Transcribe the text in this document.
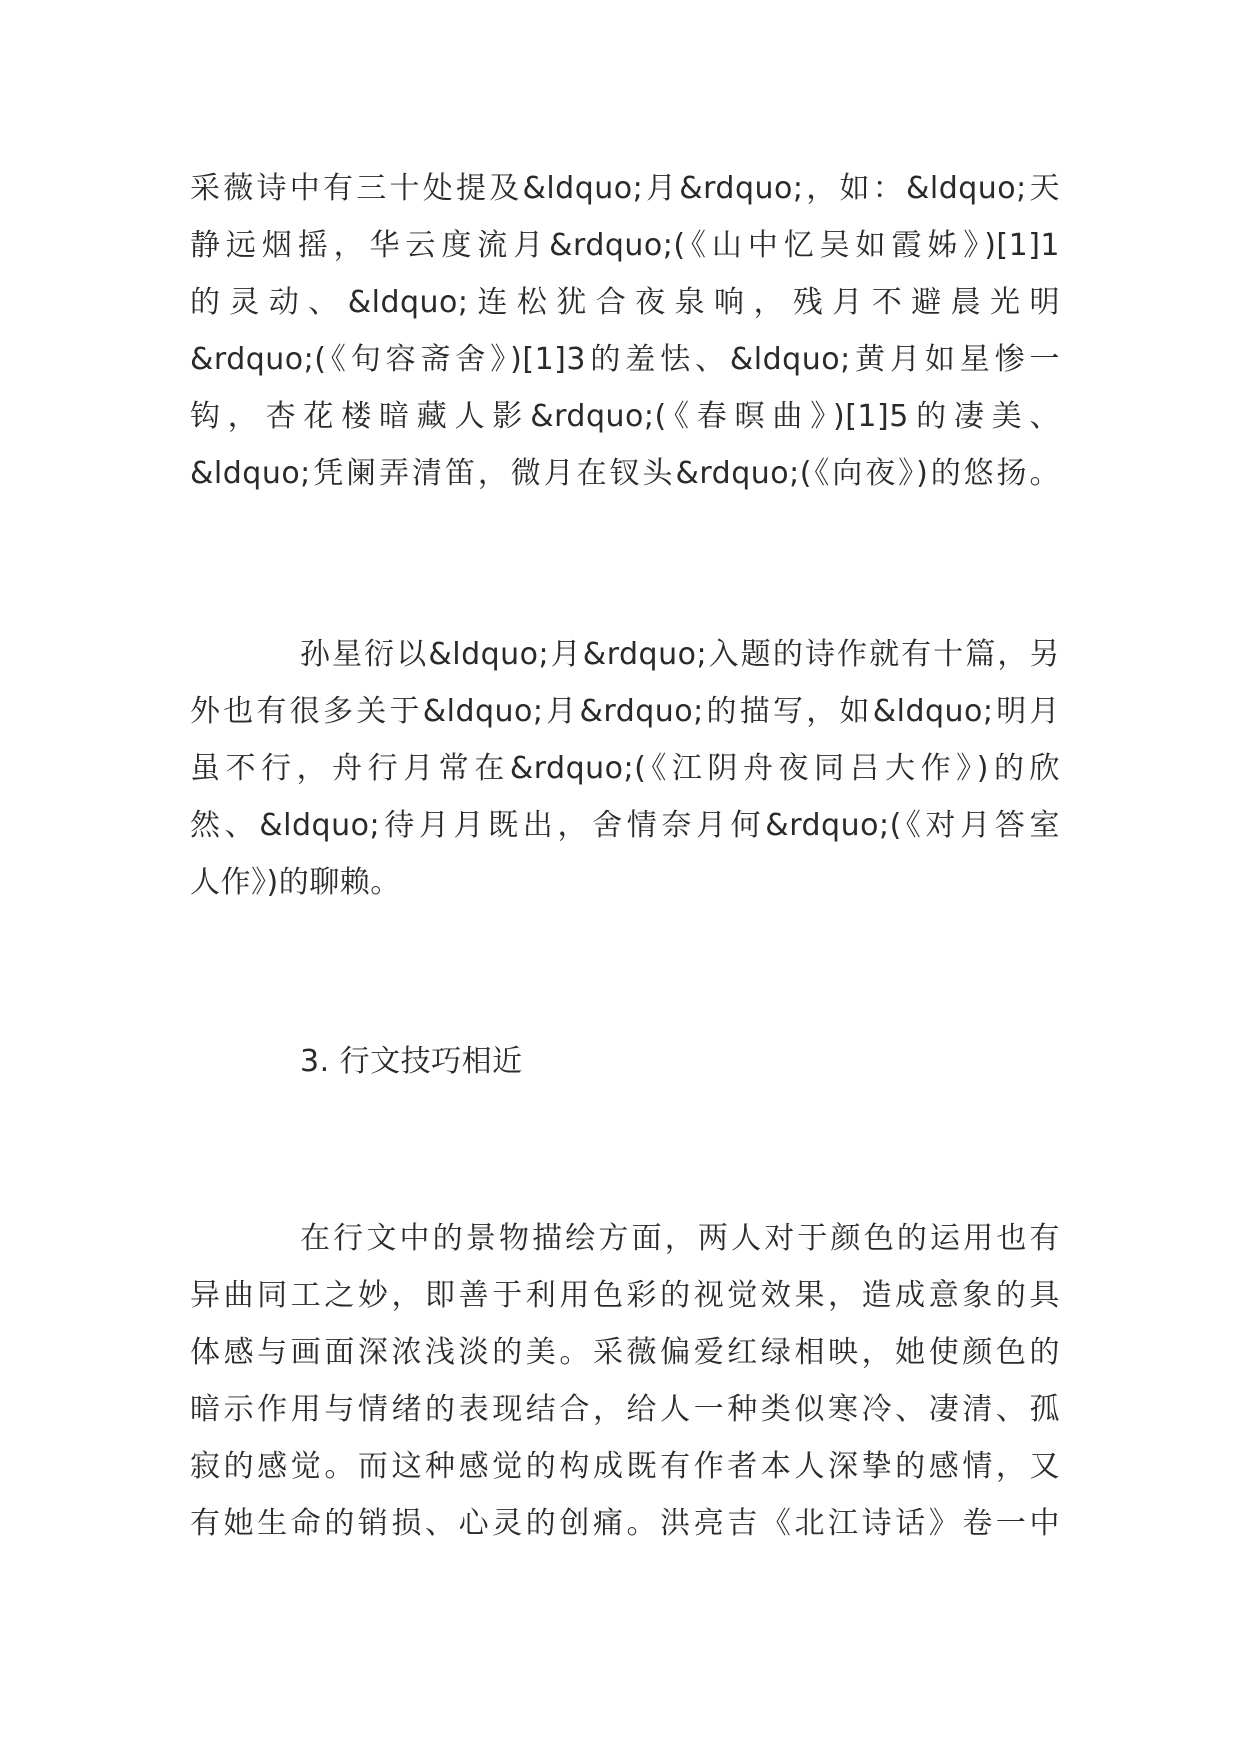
采薇诗中有三十处提及&ldquo;月&rdquo;，如：&ldquo;天
静远烟摇，华云度流月&rdquo;(《山中忆吴如霞姊》)[1]1
的灵动、&ldquo;连松犹合夜泉响，残月不避晨光明
&rdquo;(《句容斋舍》)[1]3的羞怯、&ldquo;黄月如星惨一
钩，杏花楼暗藏人影&rdquo;(《春暝曲》)[1]5的凄美、
&ldquo;凭阑弄清笛，微月在钗头&rdquo;(《向夜》)的悠扬。
孙星衍以&ldquo;月&rdquo;入题的诗作就有十篇，另
外也有很多关于&ldquo;月&rdquo;的描写，如&ldquo;明月
虽不行，舟行月常在&rdquo;(《江阴舟夜同吕大作》)的欣
然、&ldquo;待月月既出，舍情奈月何&rdquo;(《对月答室
人作》)的聊赖。
3. 行文技巧相近
在行文中的景物描绘方面，两人对于颜色的运用也有
异曲同工之妙，即善于利用色彩的视觉效果，造成意象的具
体感与画面深浓浅淡的美。采薇偏爱红绿相映，她使颜色的
暗示作用与情绪的表现结合，给人一种类似寒冷、凄清、孤
寂的感觉。而这种感觉的构成既有作者本人深挚的感情，又
有她生命的销损、心灵的创痛。洪亮吉《北江诗话》卷一中
